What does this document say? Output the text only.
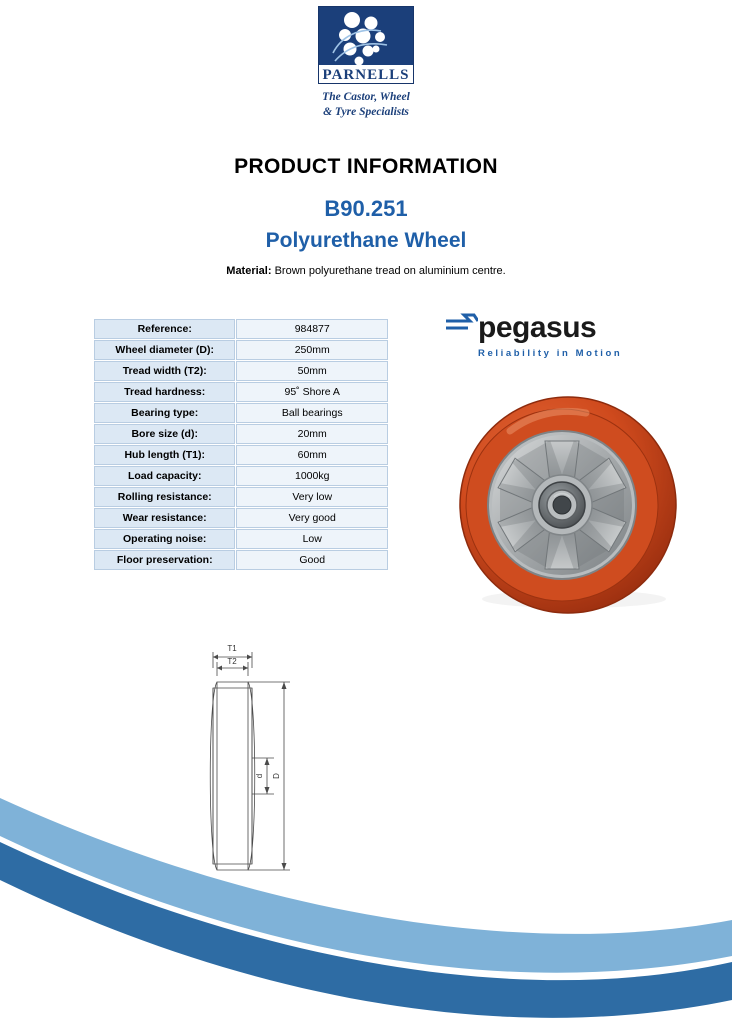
PARNELLS
The Castor, Wheel
& Tyre Specialists
PRODUCT INFORMATION
B90.251
Polyurethane Wheel
Material: Brown polyurethane tread on aluminium centre.
Reference:	984877
Wheel diameter (D):	250mm
Tread width (T2):	50mm
Tread hardness:	95˚ Shore A
Bearing type:	Ball bearings
Bore size (d):	20mm
Hub length (T1):	60mm
Load capacity:	1000kg
Rolling resistance:	Very low
Wear resistance:	Very good
Operating noise:	Low
Floor preservation:	Good
pegasus
Reliability in Motion
T1
T2
d D
